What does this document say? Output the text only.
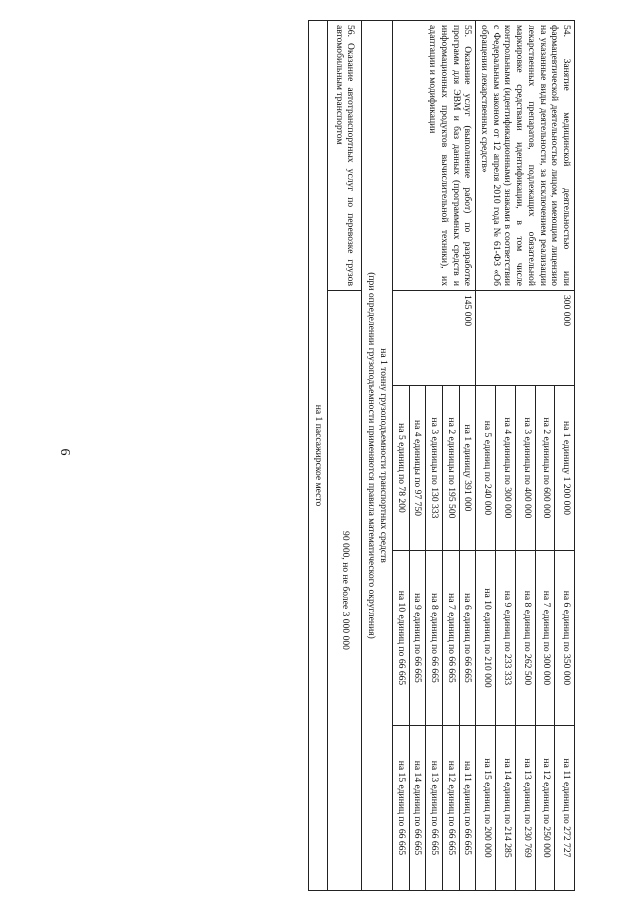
6
54. Занятие медицинской деятельностью или фармацевтической деятельностью лицом, имеющим лицензию на указанные виды деятельности, за исключением реализации лекарственных препаратов, подлежащих обязательной маркировке средствами идентификации, в том числе контрольными (идентификационными) знаками в соответствии с Федеральным законом от 12 апреля 2010 года № 61-ФЗ «Об обращении лекарственных средств»	300 000	на 1 единицу 1 200 000	на 6 единиц по 350 000	на 11 единиц по 272 727
		на 2 единицы по 600 000	на 7 единиц по 300 000	на 12 единиц по 250 000
		на 3 единицы по 400 000	на 8 единиц по 262 500	на 13 единиц по 230 769
		на 4 единицы по 300 000	на 9 единиц по 233 333	на 14 единиц по 214 285
		на 5 единиц по 240 000	на 10 единиц по 210 000	на 15 единиц по 200 000
55. Оказание услуг (выполнение работ) по разработке программ для ЭВМ и баз данных (программных средств и информационных продуктов вычислительной техники), их адаптации и модификации	145 000	на 1 единицу 391 000	на 6 единиц по 66 665	на 11 единиц по 66 665
		на 2 единицы по 195 500	на 7 единиц по 66 665	на 12 единиц по 66 665
		на 3 единицы по 130 333	на 8 единиц по 66 665	на 13 единиц по 66 665
		на 4 единицы по 97 750	на 9 единиц по 66 665	на 14 единиц по 66 665
		на 5 единиц по 78 200	на 10 единиц по 66 665	на 15 единиц по 66 665

на 1 тонну грузоподъемности транспортных средств
(при определении грузоподъемности применяются правила математического округления)				

56. Оказание автотранспортных услуг по перевозке грузов автомобильным транспортом	90 000, но не более 3 000 000			
на 1 пассажирское место				
